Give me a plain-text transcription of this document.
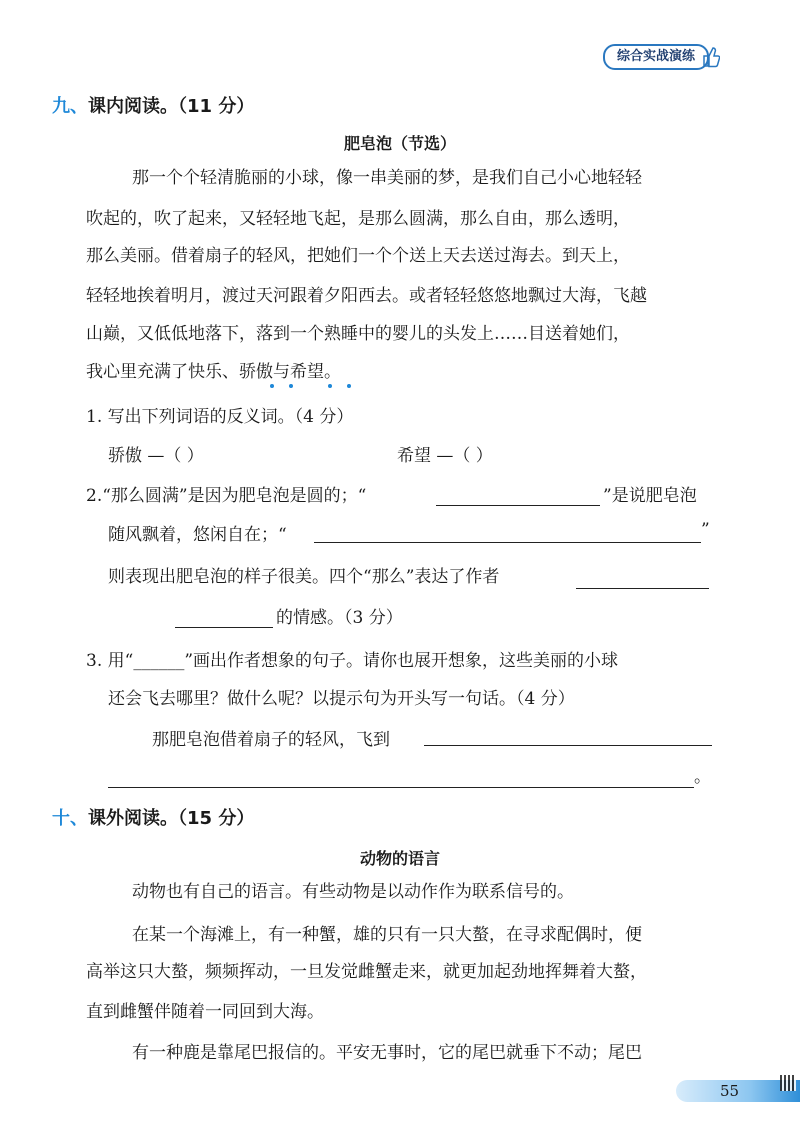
综合实战演练
九、课内阅读。（11 分）
肥皂泡（节选）
那一个个轻清脆丽的小球，像一串美丽的梦，是我们自己小心地轻轻
吹起的，吹了起来，又轻轻地飞起，是那么圆满，那么自由，那么透明，
那么美丽。借着扇子的轻风，把她们一个个送上天去送过海去。到天上，
轻轻地挨着明月，渡过天河跟着夕阳西去。或者轻轻悠悠地飘过大海，飞越
山巅，又低低地落下，落到一个熟睡中的婴儿的头发上……目送着她们，
我心里充满了快乐、骄傲与希望。
1. 写出下列词语的反义词。（4 分）
骄傲 —（ ）	希望 —（ ）
2.“那么圆满”是因为肥皂泡是圆的；“	”是说肥皂泡
随风飘着，悠闲自在；“	”
则表现出肥皂泡的样子很美。四个“那么”表达了作者
的情感。（3 分）
3. 用“______”画出作者想象的句子。请你也展开想象，这些美丽的小球
还会飞去哪里？做什么呢？以提示句为开头写一句话。（4 分）
那肥皂泡借着扇子的轻风，飞到
。
十、课外阅读。（15 分）
动物的语言
动物也有自己的语言。有些动物是以动作作为联系信号的。
在某一个海滩上，有一种蟹，雄的只有一只大螯，在寻求配偶时，便
高举这只大螯，频频挥动，一旦发觉雌蟹走来，就更加起劲地挥舞着大螯，
直到雌蟹伴随着一同回到大海。
有一种鹿是靠尾巴报信的。平安无事时，它的尾巴就垂下不动；尾巴
55
